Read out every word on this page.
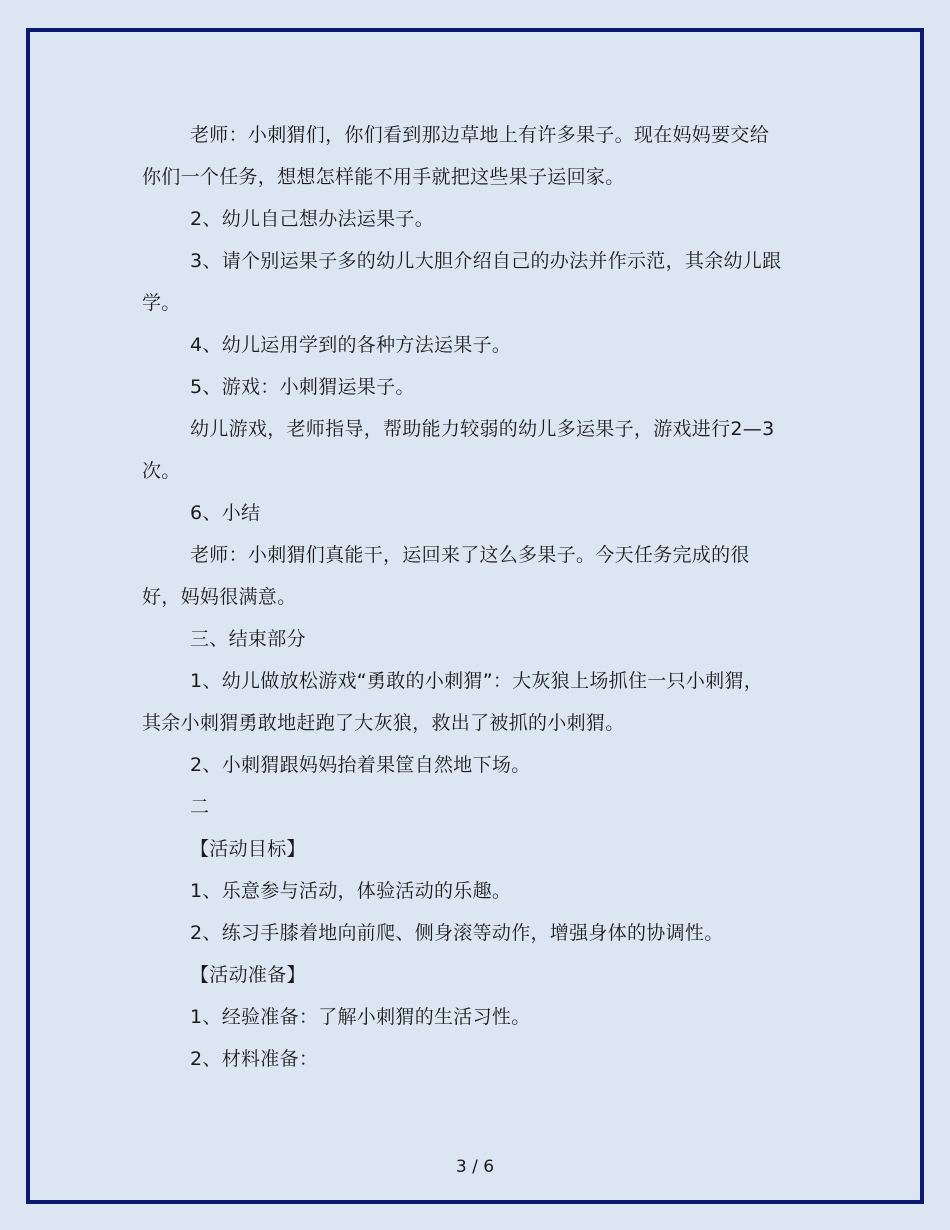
老师：小刺猬们，你们看到那边草地上有许多果子。现在妈妈要交给你们一个任务，想想怎样能不用手就把这些果子运回家。

2、幼儿自己想办法运果子。

3、请个别运果子多的幼儿大胆介绍自己的办法并作示范，其余幼儿跟学。

4、幼儿运用学到的各种方法运果子。

5、游戏：小刺猬运果子。

幼儿游戏，老师指导，帮助能力较弱的幼儿多运果子，游戏进行2—3次。

6、小结

老师：小刺猬们真能干，运回来了这么多果子。今天任务完成的很好，妈妈很满意。

三、结束部分

1、幼儿做放松游戏“勇敢的小刺猬”：大灰狼上场抓住一只小刺猬，其余小刺猬勇敢地赶跑了大灰狼，救出了被抓的小刺猬。

2、小刺猬跟妈妈抬着果筐自然地下场。

二

【活动目标】

1、乐意参与活动，体验活动的乐趣。

2、练习手膝着地向前爬、侧身滚等动作，增强身体的协调性。

【活动准备】

1、经验准备：了解小刺猬的生活习性。

2、材料准备：

3 / 6
